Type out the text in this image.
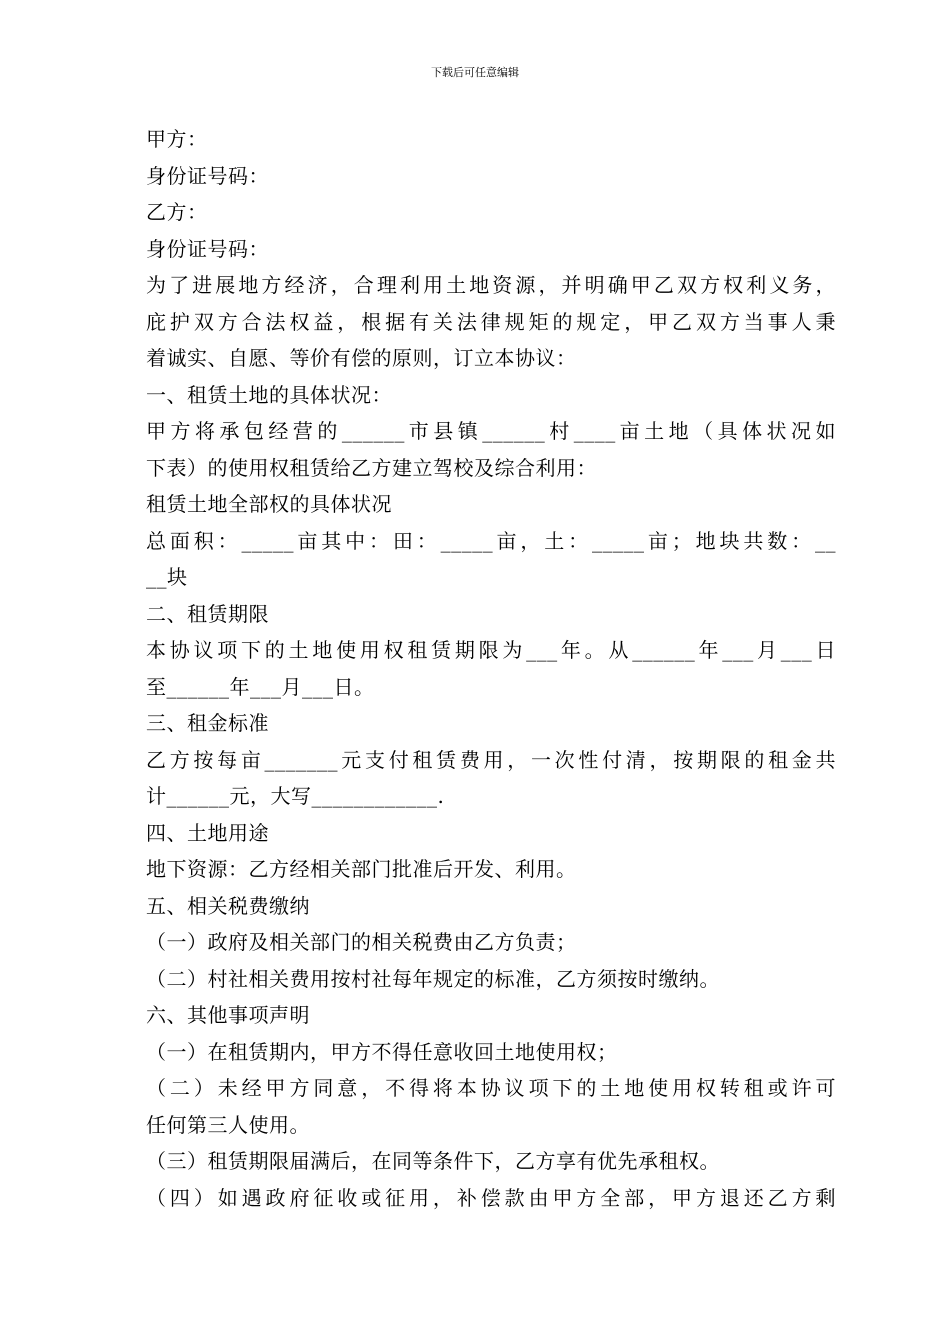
下载后可任意编辑
甲方：
身份证号码：
乙方：
身份证号码：
为了进展地方经济，合理利用土地资源，并明确甲乙双方权利义务，
庇护双方合法权益，根据有关法律规矩的规定，甲乙双方当事人秉
着诚实、自愿、等价有偿的原则，订立本协议：
一、租赁土地的具体状况：
甲方将承包经营的______市县镇______村____亩土地（具体状况如
下表）的使用权租赁给乙方建立驾校及综合利用：
租赁土地全部权的具体状况
总面积：_____亩其中：田：_____亩，土：_____亩；地块共数：__
__块
二、租赁期限
本协议项下的土地使用权租赁期限为___年。从______年___月___日
至______年___月___日。
三、租金标准
乙方按每亩_______元支付租赁费用，一次性付清，按期限的租金共
计______元，大写____________.
四、土地用途
地下资源：乙方经相关部门批准后开发、利用。
五、相关税费缴纳
（一）政府及相关部门的相关税费由乙方负责；
（二）村社相关费用按村社每年规定的标准，乙方须按时缴纳。
六、其他事项声明
（一）在租赁期内，甲方不得任意收回土地使用权；
（二）未经甲方同意，不得将本协议项下的土地使用权转租或许可
任何第三人使用。
（三）租赁期限届满后，在同等条件下，乙方享有优先承租权。
（四）如遇政府征收或征用，补偿款由甲方全部，甲方退还乙方剩
